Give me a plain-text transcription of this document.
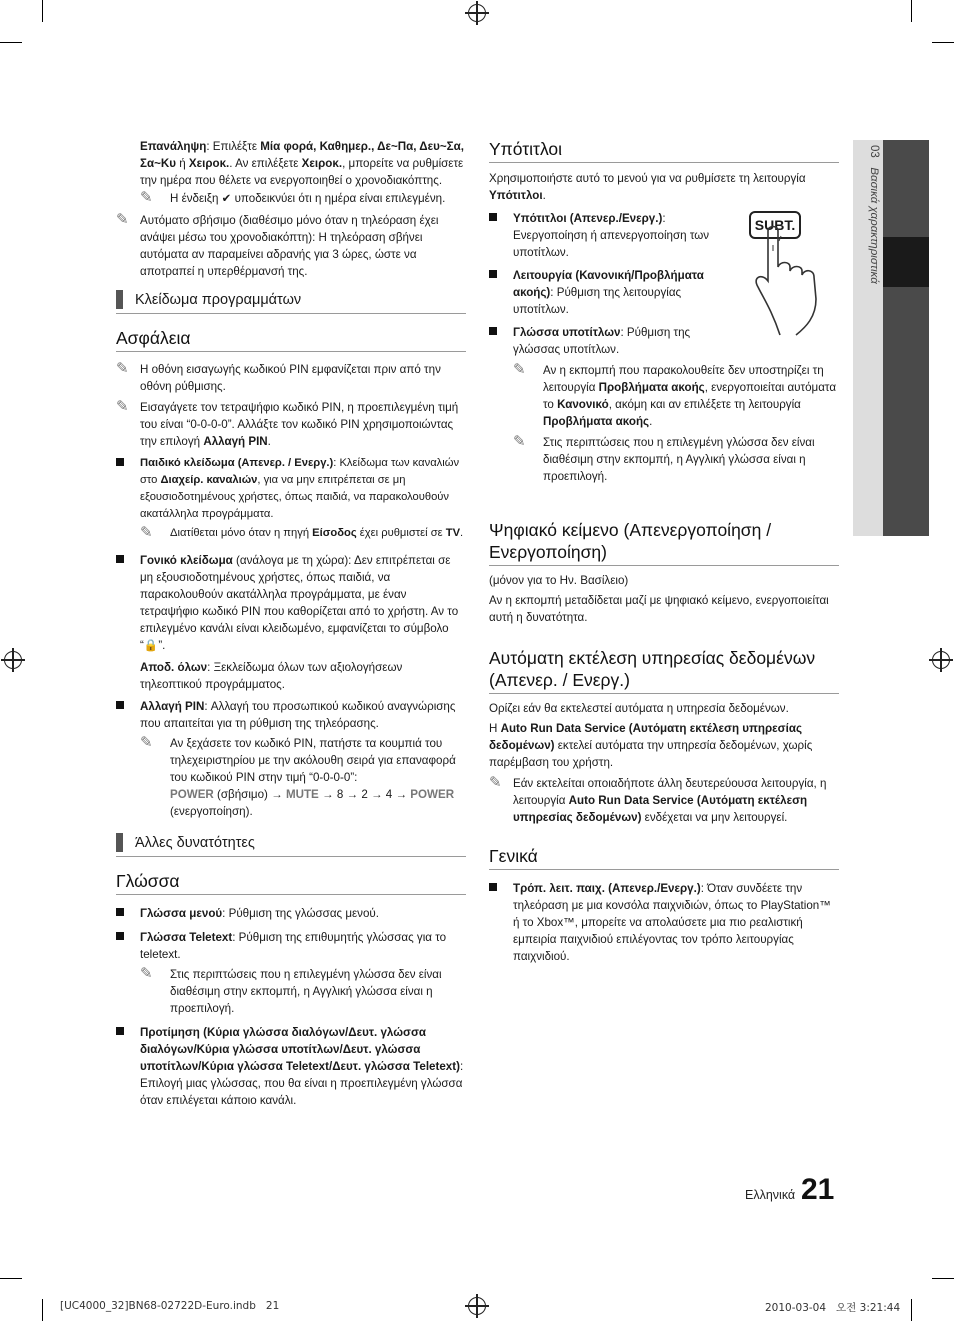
03   Βασικά χαρακτηριστικά

Επανάληψη: Επιλέξτε Μία φορά, Καθημερ., Δε~Πα, Δευ~Σα, Σα~Κυ ή Χειροκ.. Αν επιλέξετε Χειροκ., μπορείτε να ρυθμίσετε την ημέρα που θέλετε να ενεργοποιηθεί ο χρονοδιακόπτης.

✎ Η ένδειξη ✔ υποδεικνύει ότι η ημέρα είναι επιλεγμένη.

✎ Αυτόματο σβήσιμο (διαθέσιμο μόνο όταν η τηλεόραση έχει ανάψει μέσω του χρονοδιακόπτη): Η τηλεόραση σβήνει αυτόματα αν παραμείνει αδρανής για 3 ώρες, ώστε να αποτραπεί η υπερθέρμανσή της.

Κλείδωμα προγραμμάτων
Ασφάλεια
✎ Η οθόνη εισαγωγής κωδικού PIN εμφανίζεται πριν από την οθόνη ρύθμισης.

✎ Εισαγάγετε τον τετραψήφιο κωδικό PIN, η προεπιλεγμένη τιμή του είναι “0-0-0-0”. Αλλάξτε τον κωδικό PIN χρησιμοποιώντας την επιλογή Αλλαγή PIN.

Παιδικό κλείδωμα (Απενερ. / Ενεργ.): Κλείδωμα των καναλιών στο Διαχείρ. καναλιών, για να μην επιτρέπεται σε μη εξουσιοδοτημένους χρήστες, όπως παιδιά, να παρακολουθούν ακατάλληλα προγράμματα.

✎ Διατίθεται μόνο όταν η πηγή Είσοδος έχει ρυθμιστεί σε TV.

Γονικό κλείδωμα (ανάλογα με τη χώρα): Δεν επιτρέπεται σε μη εξουσιοδοτημένους χρήστες, όπως παιδιά, να παρακολουθούν ακατάλληλα προγράμματα, με έναν τετραψήφιο κωδικό PIN που καθορίζεται από το χρήστη. Αν το επιλεγμένο κανάλι είναι κλειδωμένο, εμφανίζεται το σύμβολο “🔒”.

Αποδ. όλων: Ξεκλείδωμα όλων των αξιολογήσεων τηλεοπτικού προγράμματος.

Αλλαγή PIN: Αλλαγή του προσωπικού κωδικού αναγνώρισης που απαιτείται για τη ρύθμιση της τηλεόρασης.

✎ Αν ξεχάσετε τον κωδικό PIN, πατήστε τα κουμπιά του τηλεχειριστηρίου με την ακόλουθη σειρά για επαναφορά του κωδικού PIN στην τιμή “0-0-0-0”:
POWER (σβήσιμο) → MUTE → 8 → 2 → 4 → POWER
(ενεργοποίηση).

Άλλες δυνατότητες
Γλώσσα

Γλώσσα μενού: Ρύθμιση της γλώσσας μενού.

Γλώσσα Teletext: Ρύθμιση της επιθυμητής γλώσσας για το teletext.

✎ Στις περιπτώσεις που η επιλεγμένη γλώσσα δεν είναι διαθέσιμη στην εκπομπή, η Αγγλική γλώσσα είναι η προεπιλογή.

Προτίμηση (Κύρια γλώσσα διαλόγων/Δευτ. γλώσσα διαλόγων/Κύρια γλώσσα υποτίτλων/Δευτ. γλώσσα υποτίτλων/Κύρια γλώσσα Teletext/Δευτ. γλώσσα Teletext): Επιλογή μιας γλώσσας, που θα είναι η προεπιλεγμένη γλώσσα όταν επιλέγεται κάποιο κανάλι.

Υπότιτλοι

Χρησιμοποιήστε αυτό το μενού για να ρυθμίσετε τη λειτουργία Υπότιτλοι.

Υπότιτλοι (Απενερ./Ενεργ.): Ενεργοποίηση ή απενεργοποίηση των υποτίτλων.

Λειτουργία (Κανονική/Προβλήματα ακοής): Ρύθμιση της λειτουργίας υποτίτλων.

Γλώσσα υποτίτλων: Ρύθμιση της γλώσσας υποτίτλων.

✎ Αν η εκπομπή που παρακολουθείτε δεν υποστηρίζει τη λειτουργία Προβλήματα ακοής, ενεργοποιείται αυτόματα το Κανονικό, ακόμη και αν επιλέξετε τη λειτουργία Προβλήματα ακοής.

✎ Στις περιπτώσεις που η επιλεγμένη γλώσσα δεν είναι διαθέσιμη στην εκπομπή, η Αγγλική γλώσσα είναι η προεπιλογή.

Ψηφιακό κείμενο (Απενεργοποίηση / Ενεργοποίηση)

(μόνον για το Ην. Βασίλειο)

Αν η εκπομπή μεταδίδεται μαζί με ψηφιακό κείμενο, ενεργοποιείται αυτή η δυνατότητα.

Αυτόματη εκτέλεση υπηρεσίας δεδομένων (Απενερ. / Ενεργ.)

Ορίζει εάν θα εκτελεστεί αυτόματα η υπηρεσία δεδομένων.

Η Auto Run Data Service (Αυτόματη εκτέλεση υπηρεσίας δεδομένων) εκτελεί αυτόματα την υπηρεσία δεδομένων, χωρίς παρέμβαση του χρήστη.

✎ Εάν εκτελείται οποιαδήποτε άλλη δευτερεύουσα λειτουργία, η λειτουργία Auto Run Data Service (Αυτόματη εκτέλεση υπηρεσίας δεδομένων) ενδέχεται να μην λειτουργεί.

Γενικά

Τρόπ. λειτ. παιχ. (Απενερ./Ενεργ.): Όταν συνδέετε την τηλεόραση με μια κονσόλα παιχνιδιών, όπως το PlayStation™ ή το Xbox™, μπορείτε να απολαύσετε μια πιο ρεαλιστική εμπειρία παιχνιδιού επιλέγοντας τον τρόπο λειτουργίας παιχνιδιού.

SUBT.
Ελληνικά 21
[UC4000_32]BN68-02722D-Euro.indb   21	2010-03-04   오전 3:21:44
